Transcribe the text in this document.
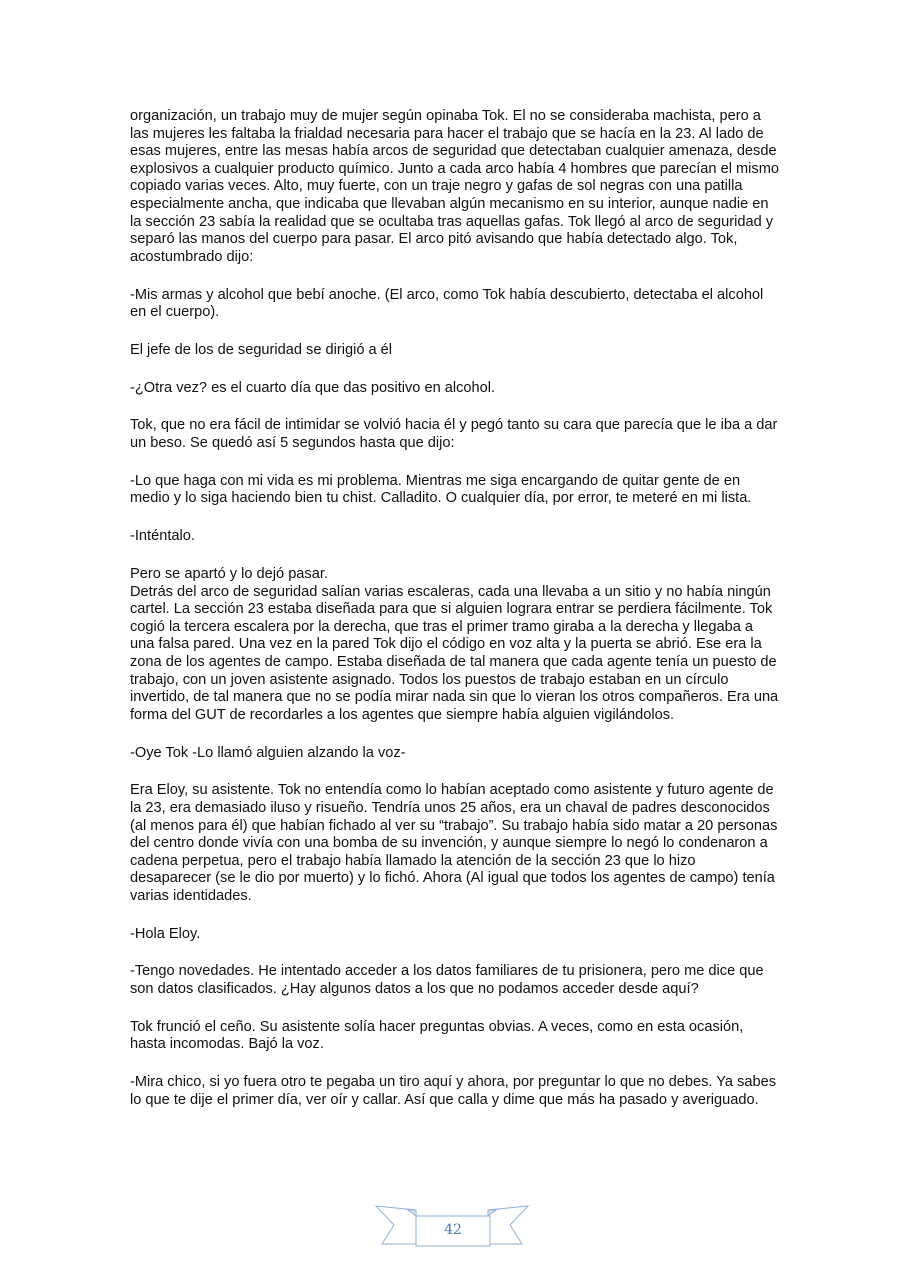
organización, un trabajo muy de mujer según opinaba Tok. El no se consideraba machista, pero a las mujeres les faltaba la frialdad necesaria para hacer el trabajo que se hacía en la 23. Al lado de esas mujeres, entre las mesas había arcos de seguridad que detectaban cualquier amenaza, desde explosivos a cualquier producto químico. Junto a cada arco había 4 hombres que parecían el mismo copiado varias veces. Alto, muy fuerte, con un traje negro y gafas de sol negras con una patilla especialmente ancha, que indicaba que llevaban algún mecanismo en su interior, aunque nadie en la sección 23 sabía la realidad que se ocultaba tras aquellas gafas. Tok llegó al arco de seguridad y separó las manos del cuerpo para pasar. El arco pitó avisando que había detectado algo. Tok, acostumbrado dijo:

-Mis armas y alcohol que bebí anoche. (El arco, como Tok había descubierto, detectaba el alcohol en el cuerpo).

El jefe de los de seguridad se dirigió a él

-¿Otra vez? es el cuarto día que das positivo en alcohol.

Tok, que no era fácil de intimidar se volvió hacia él y pegó tanto su cara que parecía que le iba a dar un beso. Se quedó así 5 segundos hasta que dijo:

-Lo que haga con mi vida es mi problema. Mientras me siga encargando de quitar gente de en medio y lo siga haciendo bien tu chist. Calladito. O cualquier día, por error, te meteré en mi lista.

-Inténtalo.

Pero se apartó y lo dejó pasar.

Detrás del arco de seguridad salían varias escaleras, cada una llevaba a un sitio y no había ningún cartel. La sección 23 estaba diseñada para que si alguien lograra entrar se perdiera fácilmente. Tok cogió la tercera escalera por la derecha, que tras el primer tramo giraba a la derecha y llegaba a una falsa pared. Una vez en la pared Tok dijo el código en voz alta y la puerta se abrió. Ese era la zona de los agentes de campo. Estaba diseñada de tal manera que cada agente tenía un puesto de trabajo, con un joven asistente asignado. Todos los puestos de trabajo estaban en un círculo invertido, de tal manera que no se podía mirar nada sin que lo vieran los otros compañeros. Era una forma del GUT de recordarles a los agentes que siempre había alguien vigilándolos.

-Oye Tok -Lo llamó alguien alzando la voz-

Era Eloy, su asistente. Tok no entendía como lo habían aceptado como asistente y futuro agente de la 23, era demasiado iluso y risueño. Tendría unos 25 años, era un chaval de padres desconocidos (al menos para él) que habían fichado al ver su “trabajo”. Su trabajo había sido matar a 20 personas del centro donde vivía con una bomba de su invención, y aunque siempre lo negó lo condenaron a cadena perpetua, pero el trabajo había llamado la atención de la sección 23 que lo hizo desaparecer (se le dio por muerto) y lo fichó. Ahora (Al igual que todos los agentes de campo) tenía varias identidades.

-Hola Eloy.

-Tengo novedades. He intentado acceder a los datos familiares de tu prisionera, pero me dice que son datos clasificados. ¿Hay algunos datos a los que no podamos acceder desde aquí?

Tok frunció el ceño. Su asistente solía hacer preguntas obvias. A veces, como en esta ocasión, hasta incomodas. Bajó la voz.

-Mira chico, si yo fuera otro te pegaba un tiro aquí y ahora, por preguntar lo que no debes. Ya sabes lo que te dije el primer día, ver oír y callar. Así que calla y dime que más ha pasado y averiguado.

42
